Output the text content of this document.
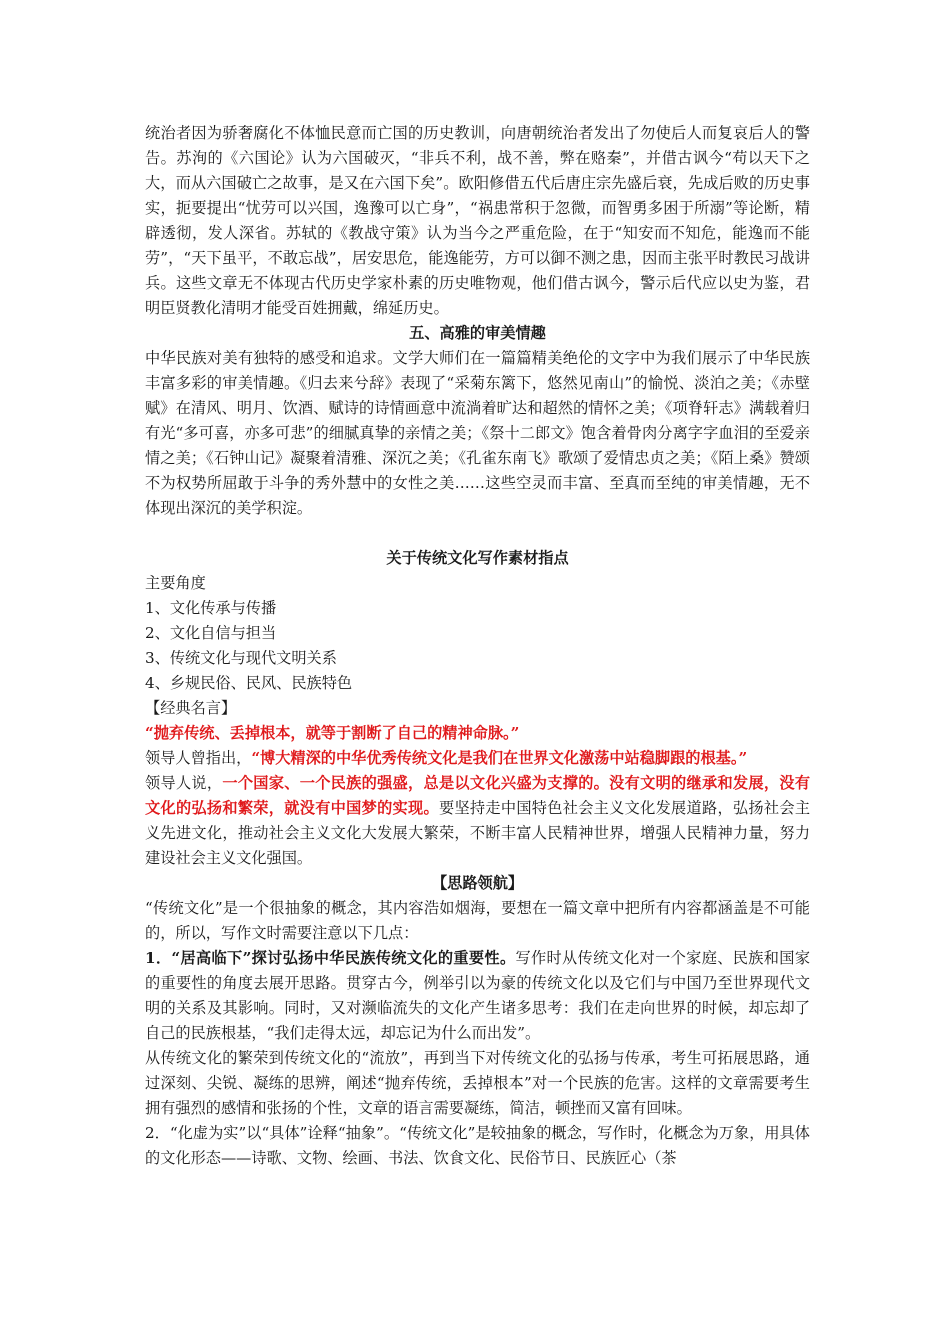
统治者因为骄奢腐化不体恤民意而亡国的历史教训，向唐朝统治者发出了勿使后人而复哀后人的警告。苏洵的《六国论》认为六国破灭，“非兵不利，战不善，弊在赂秦”，并借古讽今“苟以天下之大，而从六国破亡之故事，是又在六国下矣”。欧阳修借五代后唐庄宗先盛后衰，先成后败的历史事实，扼要提出“忧劳可以兴国，逸豫可以亡身”，“祸患常积于忽微，而智勇多困于所溺”等论断，精辟透彻，发人深省。苏轼的《教战守策》认为当今之严重危险，在于“知安而不知危，能逸而不能劳”，“天下虽平，不敢忘战”，居安思危，能逸能劳，方可以御不测之患，因而主张平时教民习战讲兵。这些文章无不体现古代历史学家朴素的历史唯物观，他们借古讽今，警示后代应以史为鉴，君明臣贤教化清明才能受百姓拥戴，绵延历史。

五、高雅的审美情趣

中华民族对美有独特的感受和追求。文学大师们在一篇篇精美绝伦的文字中为我们展示了中华民族丰富多彩的审美情趣。《归去来兮辞》表现了“采菊东篱下，悠然见南山”的愉悦、淡泊之美；《赤壁赋》在清风、明月、饮酒、赋诗的诗情画意中流淌着旷达和超然的情怀之美；《项脊轩志》满载着归有光“多可喜，亦多可悲”的细腻真挚的亲情之美；《祭十二郎文》饱含着骨肉分离字字血泪的至爱亲情之美；《石钟山记》凝聚着清雅、深沉之美；《孔雀东南飞》歌颂了爱情忠贞之美；《陌上桑》赞颂不为权势所屈敢于斗争的秀外慧中的女性之美……这些空灵而丰富、至真而至纯的审美情趣，无不体现出深沉的美学积淀。

关于传统文化写作素材指点

主要角度

1、文化传承与传播
2、文化自信与担当
3、传统文化与现代文明关系
4、乡规民俗、民风、民族特色

【经典名言】

“抛弃传统、丢掉根本，就等于割断了自己的精神命脉。”

领导人曾指出，“博大精深的中华优秀传统文化是我们在世界文化激荡中站稳脚跟的根基。”

领导人说，一个国家、一个民族的强盛，总是以文化兴盛为支撑的。没有文明的继承和发展，没有文化的弘扬和繁荣，就没有中国梦的实现。要坚持走中国特色社会主义文化发展道路，弘扬社会主义先进文化，推动社会主义文化大发展大繁荣，不断丰富人民精神世界，增强人民精神力量，努力建设社会主义文化强国。

【思路领航】

“传统文化”是一个很抽象的概念，其内容浩如烟海，要想在一篇文章中把所有内容都涵盖是不可能的，所以，写作文时需要注意以下几点：

1．“居高临下”探讨弘扬中华民族传统文化的重要性。写作时从传统文化对一个家庭、民族和国家的重要性的角度去展开思路。贯穿古今，例举引以为豪的传统文化以及它们与中国乃至世界现代文明的关系及其影响。同时，又对濒临流失的文化产生诸多思考：我们在走向世界的时候，却忘却了自己的民族根基，“我们走得太远，却忘记为什么而出发”。

从传统文化的繁荣到传统文化的“流放”，再到当下对传统文化的弘扬与传承，考生可拓展思路，通过深刻、尖锐、凝练的思辨，阐述“抛弃传统，丢掉根本”对一个民族的危害。这样的文章需要考生拥有强烈的感情和张扬的个性，文章的语言需要凝练，简洁，顿挫而又富有回味。

2．“化虚为实”以“具体”诠释“抽象”。“传统文化”是较抽象的概念，写作时，化概念为万象，用具体的文化形态——诗歌、文物、绘画、书法、饮食文化、民俗节日、民族匠心（茶
